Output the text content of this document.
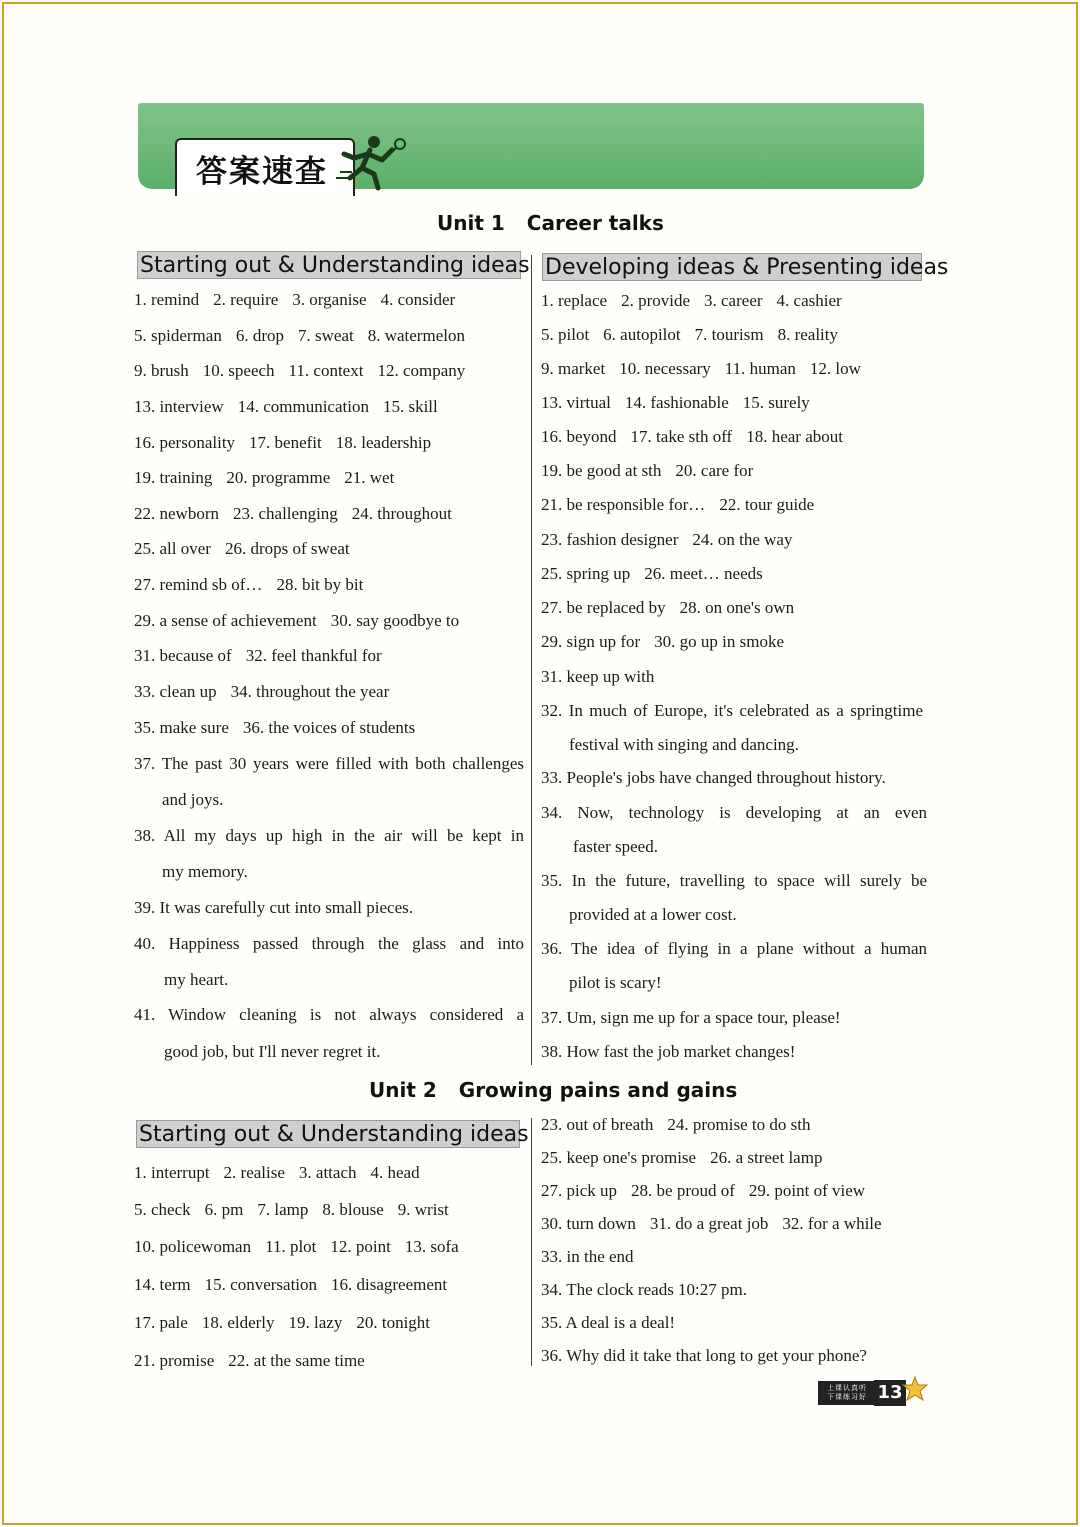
答案速查
Unit 1 Career talks
Starting out & Understanding ideas Developing ideas & Presenting ideas
1. remind 2. require 3. organise 4. consider
5. spiderman 6. drop 7. sweat 8. watermelon
9. brush 10. speech 11. context 12. company
13. interview 14. communication 15. skill
16. personality 17. benefit 18. leadership
19. training 20. programme 21. wet
22. newborn 23. challenging 24. throughout
25. all over 26. drops of sweat
27. remind sb of… 28. bit by bit
29. a sense of achievement 30. say goodbye to
31. because of 32. feel thankful for
33. clean up 34. throughout the year
35. make sure 36. the voices of students
37. The past 30 years were filled with both challenges
and joys.
38. All my days up high in the air will be kept in
my memory.
39. It was carefully cut into small pieces.
40. Happiness passed through the glass and into
my heart.
41. Window cleaning is not always considered a
good job, but I'll never regret it.
1. replace 2. provide 3. career 4. cashier
5. pilot 6. autopilot 7. tourism 8. reality
9. market 10. necessary 11. human 12. low
13. virtual 14. fashionable 15. surely
16. beyond 17. take sth off 18. hear about
19. be good at sth 20. care for
21. be responsible for… 22. tour guide
23. fashion designer 24. on the way
25. spring up 26. meet… needs
27. be replaced by 28. on one's own
29. sign up for 30. go up in smoke
31. keep up with
32. In much of Europe, it's celebrated as a springtime
festival with singing and dancing.
33. People's jobs have changed throughout history.
34. Now, technology is developing at an even
faster speed.
35. In the future, travelling to space will surely be
provided at a lower cost.
36. The idea of flying in a plane without a human
pilot is scary!
37. Um, sign me up for a space tour, please!
38. How fast the job market changes!
Unit 2 Growing pains and gains
Starting out & Understanding ideas
1. interrupt 2. realise 3. attach 4. head
5. check 6. pm 7. lamp 8. blouse 9. wrist
10. policewoman 11. plot 12. point 13. sofa
14. term 15. conversation 16. disagreement
17. pale 18. elderly 19. lazy 20. tonight
21. promise 22. at the same time
23. out of breath 24. promise to do sth
25. keep one's promise 26. a street lamp
27. pick up 28. be proud of 29. point of view
30. turn down 31. do a great job 32. for a while
33. in the end
34. The clock reads 10:27 pm.
35. A deal is a deal!
36. Why did it take that long to get your phone?
上课认真听
下课练习好 13
